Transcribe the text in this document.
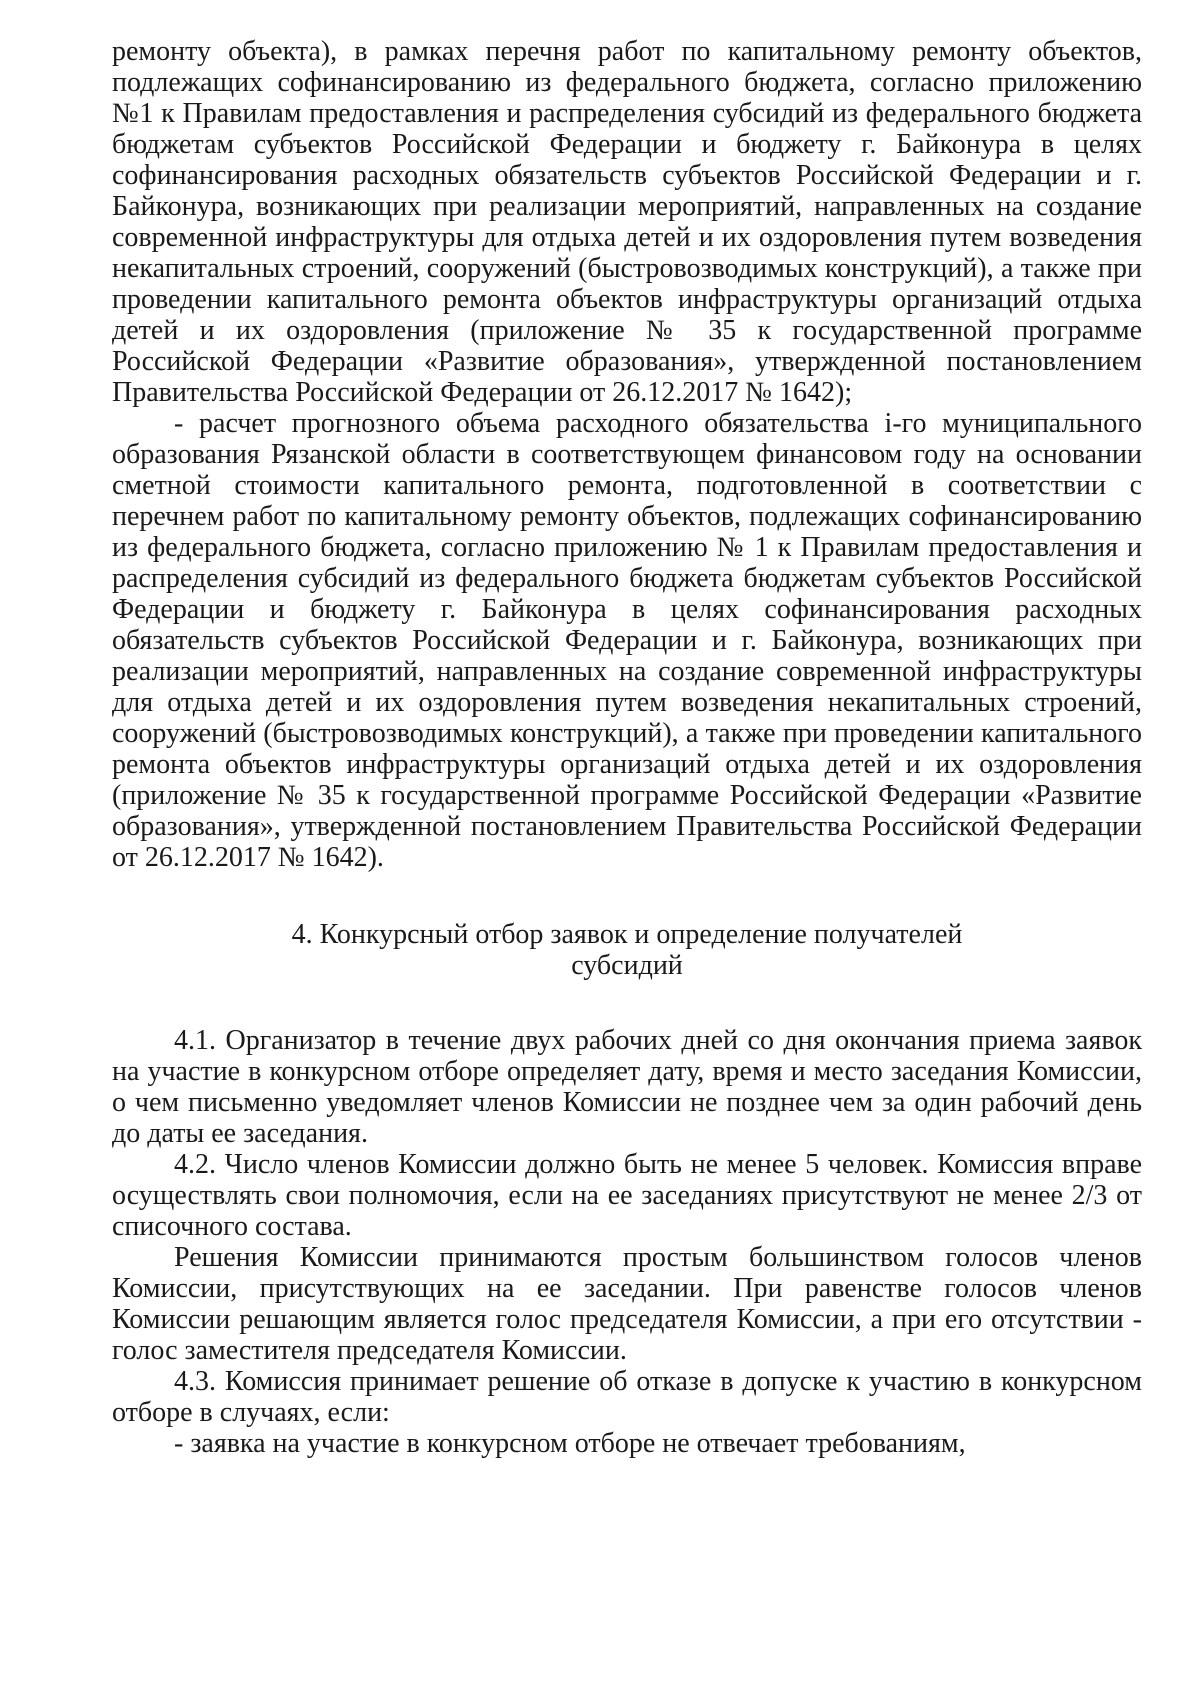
ремонту объекта), в рамках перечня работ по капитальному ремонту объектов, подлежащих софинансированию из федерального бюджета, согласно приложению №1 к Правилам предоставления и распределения субсидий из федерального бюджета бюджетам субъектов Российской Федерации и бюджету г. Байконура в целях софинансирования расходных обязательств субъектов Российской Федерации и г. Байконура, возникающих при реализации мероприятий, направленных на создание современной инфраструктуры для отдыха детей и их оздоровления путем возведения некапитальных строений, сооружений (быстровозводимых конструкций), а также при проведении капитального ремонта объектов инфраструктуры организаций отдыха детей и их оздоровления (приложение № 35 к государственной программе Российской Федерации «Развитие образования», утвержденной постановлением Правительства Российской Федерации от 26.12.2017 № 1642);

- расчет прогнозного объема расходного обязательства i-го муниципального образования Рязанской области в соответствующем финансовом году на основании сметной стоимости капитального ремонта, подготовленной в соответствии с перечнем работ по капитальному ремонту объектов, подлежащих софинансированию из федерального бюджета, согласно приложению № 1 к Правилам предоставления и распределения субсидий из федерального бюджета бюджетам субъектов Российской Федерации и бюджету г. Байконура в целях софинансирования расходных обязательств субъектов Российской Федерации и г. Байконура, возникающих при реализации мероприятий, направленных на создание современной инфраструктуры для отдыха детей и их оздоровления путем возведения некапитальных строений, сооружений (быстровозводимых конструкций), а также при проведении капитального ремонта объектов инфраструктуры организаций отдыха детей и их оздоровления (приложение № 35 к государственной программе Российской Федерации «Развитие образования», утвержденной постановлением Правительства Российской Федерации от 26.12.2017 № 1642).

4. Конкурсный отбор заявок и определение получателей
субсидий

4.1. Организатор в течение двух рабочих дней со дня окончания приема заявок на участие в конкурсном отборе определяет дату, время и место заседания Комиссии, о чем письменно уведомляет членов Комиссии не позднее чем за один рабочий день до даты ее заседания.

4.2. Число членов Комиссии должно быть не менее 5 человек. Комиссия вправе осуществлять свои полномочия, если на ее заседаниях присутствуют не менее 2/3 от списочного состава.

Решения Комиссии принимаются простым большинством голосов членов Комиссии, присутствующих на ее заседании. При равенстве голосов членов Комиссии решающим является голос председателя Комиссии, а при его отсутствии - голос заместителя председателя Комиссии.

4.3. Комиссия принимает решение об отказе в допуске к участию в конкурсном отборе в случаях, если:

- заявка на участие в конкурсном отборе не отвечает требованиям,
